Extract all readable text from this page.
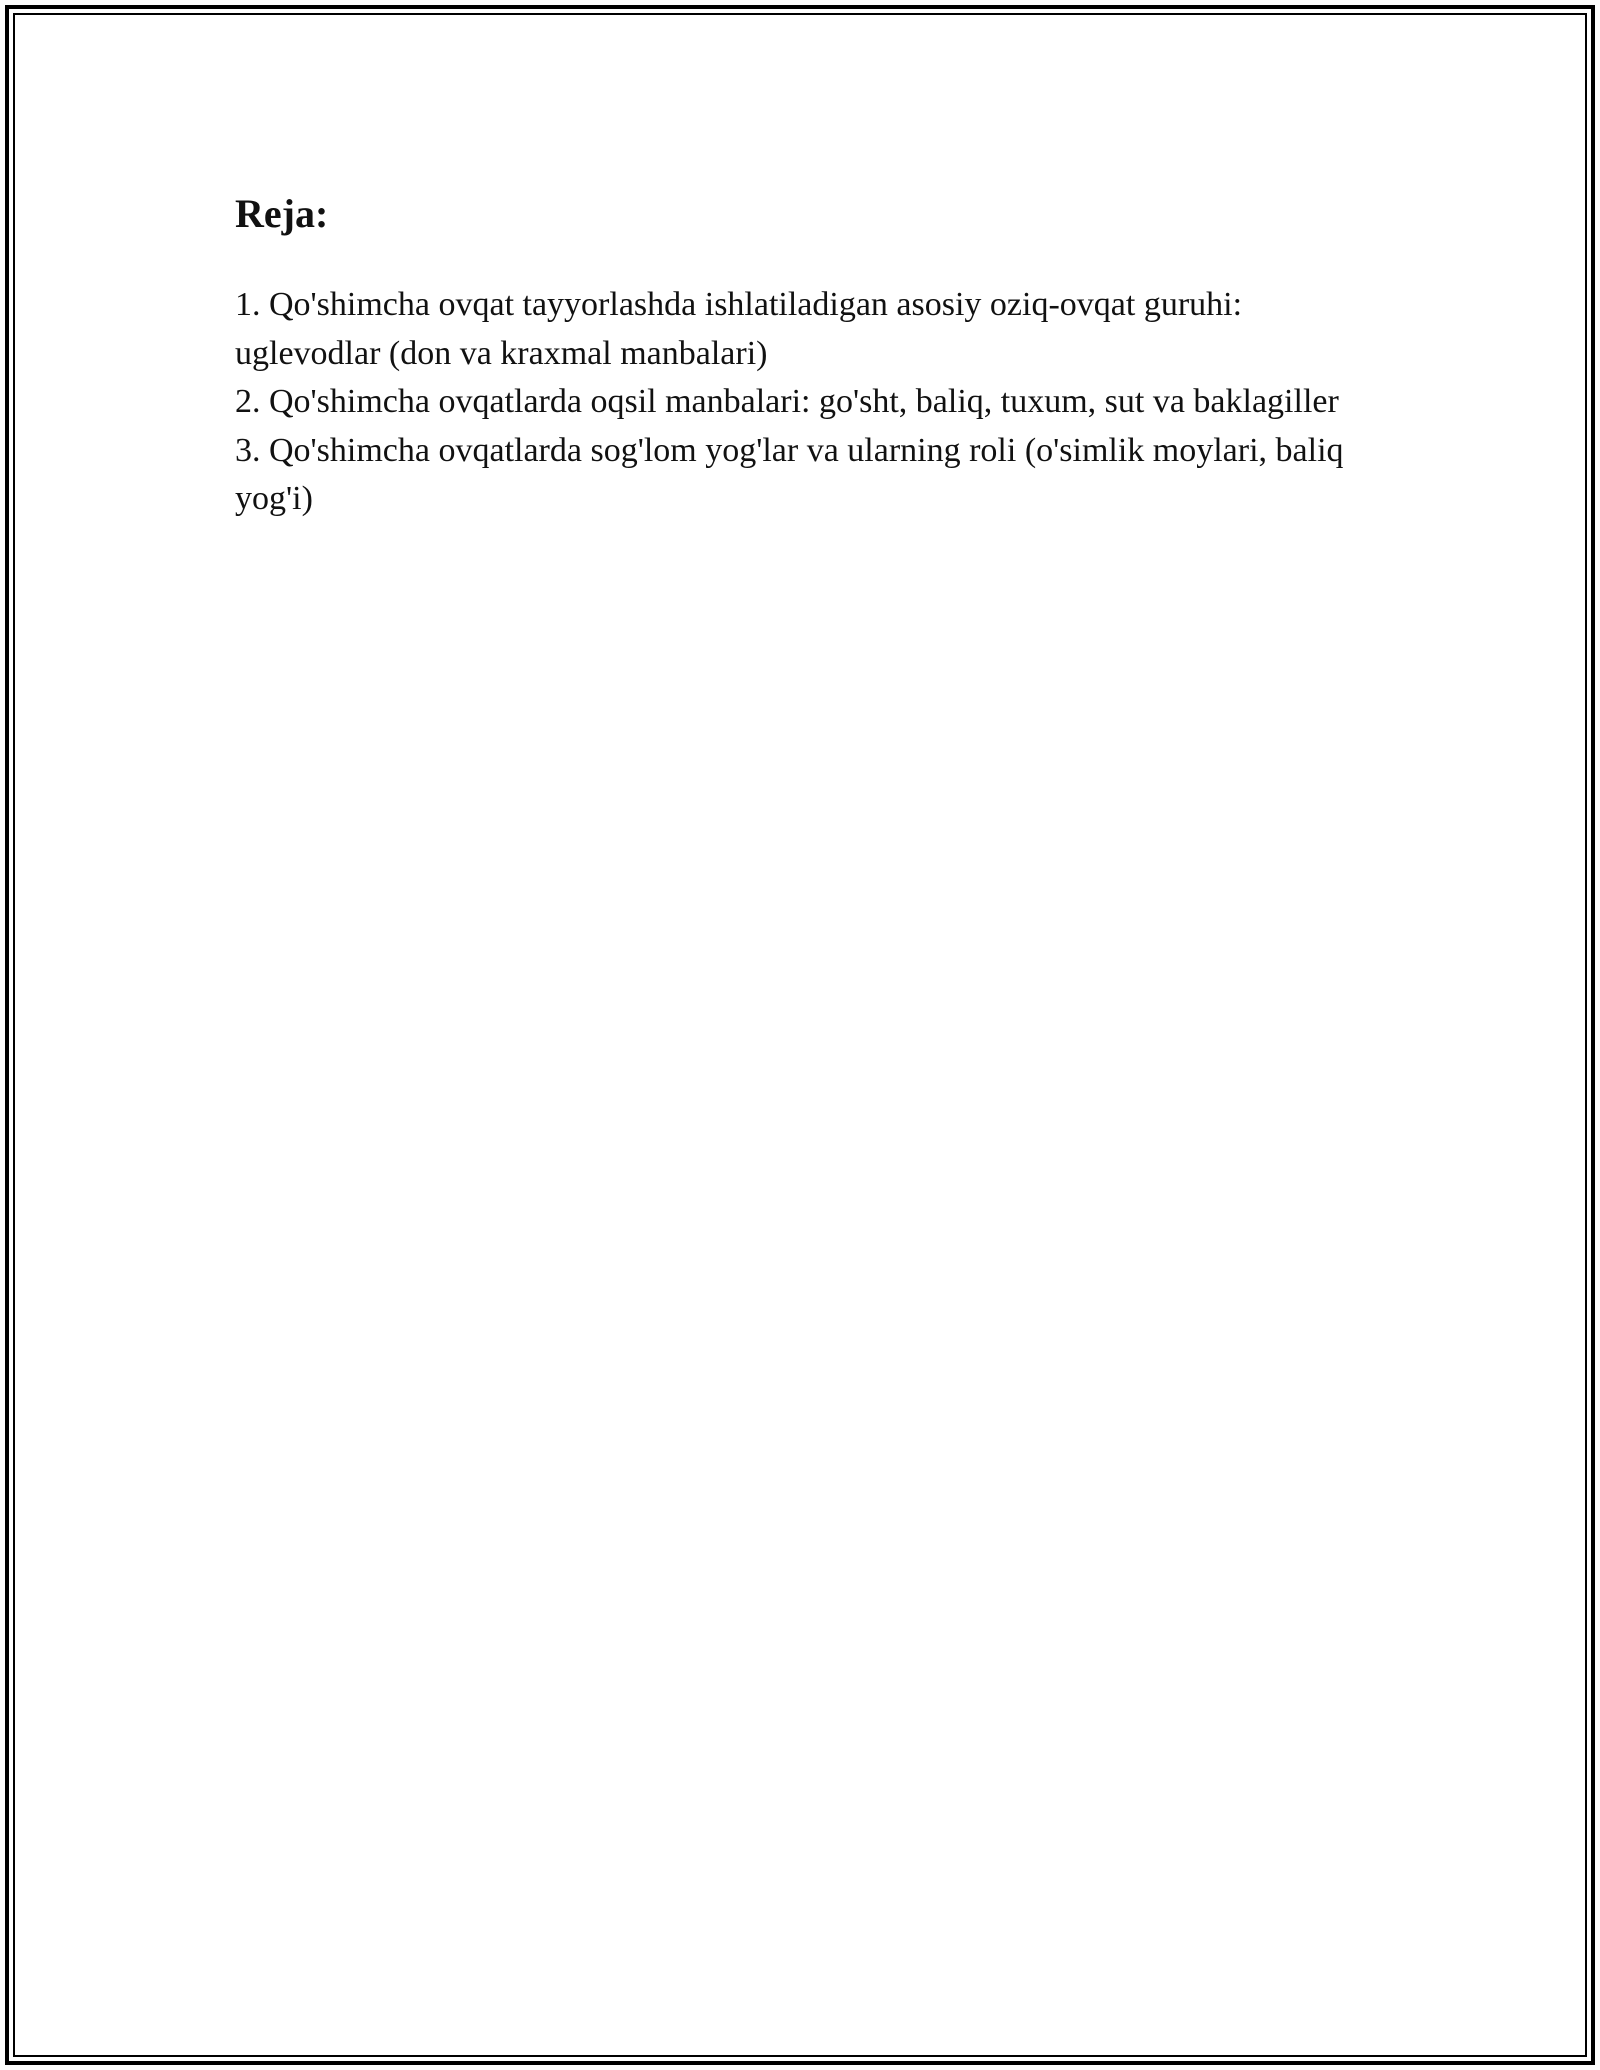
Reja:
1. Qo'shimcha ovqat tayyorlashda ishlatiladigan asosiy oziq-ovqat guruhi: uglevodlar (don va kraxmal manbalari)
2. Qo'shimcha ovqatlarda oqsil manbalari: go'sht, baliq, tuxum, sut va baklagiller
3. Qo'shimcha ovqatlarda sog'lom yog'lar va ularning roli (o'simlik moylari, baliq yog'i)
